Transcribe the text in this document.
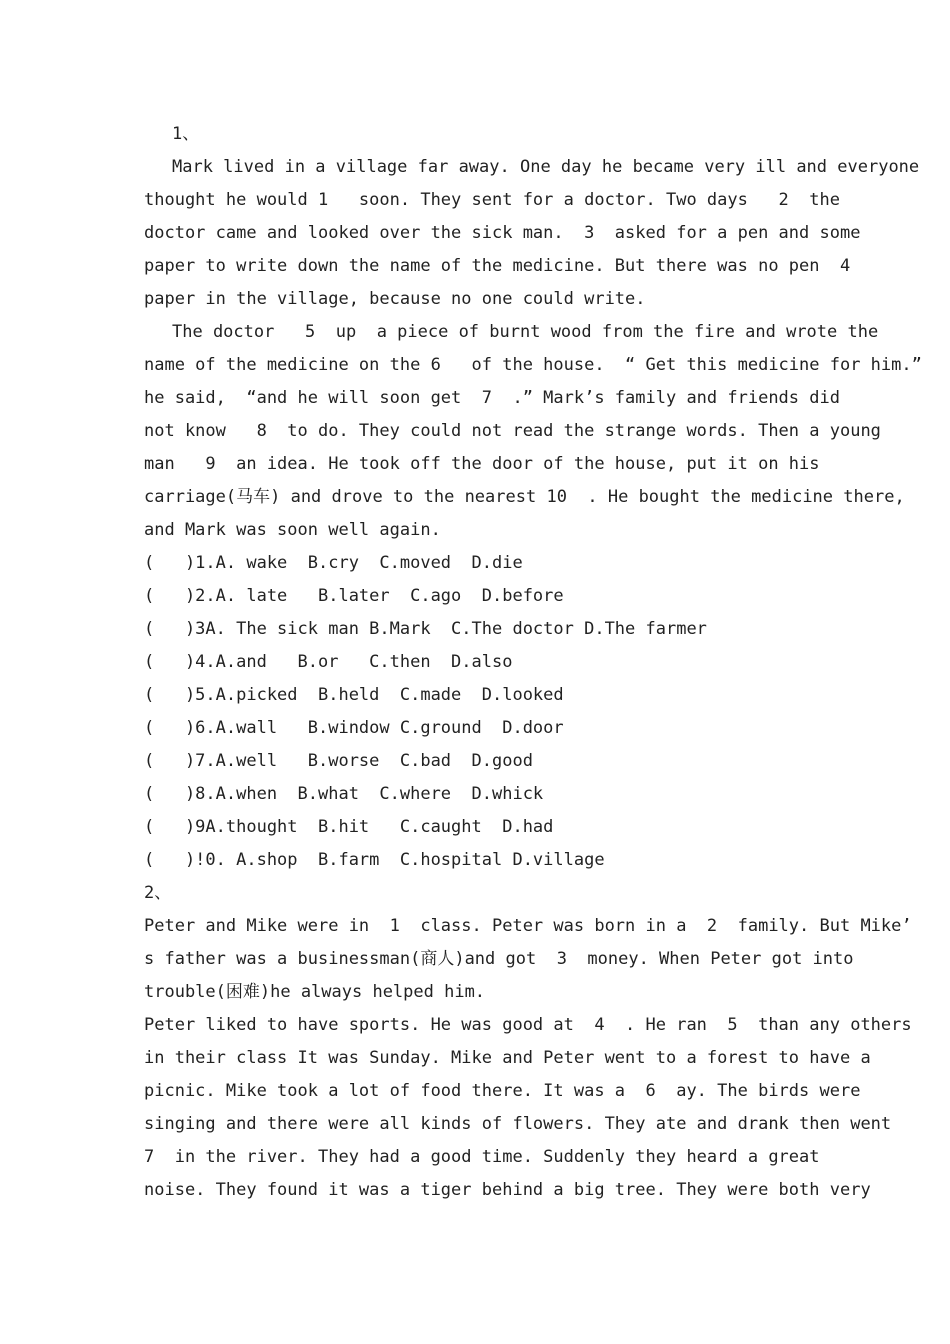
1、
Mark lived in a village far away. One day he became very ill and everyone
thought he would 1   soon. They sent for a doctor. Two days   2  the
doctor came and looked over the sick man.  3  asked for a pen and some
paper to write down the name of the medicine. But there was no pen  4
paper in the village, because no one could write.
The doctor   5  up  a piece of burnt wood from the fire and wrote the
name of the medicine on the 6   of the house.  “ Get this medicine for him.”
he said,  “and he will soon get  7  .” Mark’s family and friends did
not know   8  to do. They could not read the strange words. Then a young
man   9  an idea. He took off the door of the house, put it on his
carriage(马车) and drove to the nearest 10  . He bought the medicine there,
and Mark was soon well again.
(   )1.A. wake  B.cry  C.moved  D.die
(   )2.A. late   B.later  C.ago  D.before
(   )3A. The sick man B.Mark  C.The doctor D.The farmer
(   )4.A.and   B.or   C.then  D.also
(   )5.A.picked  B.held  C.made  D.looked
(   )6.A.wall   B.window C.ground  D.door
(   )7.A.well   B.worse  C.bad  D.good
(   )8.A.when  B.what  C.where  D.whick
(   )9A.thought  B.hit   C.caught  D.had
(   )!0. A.shop  B.farm  C.hospital D.village
2、
Peter and Mike were in  1  class. Peter was born in a  2  family. But Mike’
s father was a businessman(商人)and got  3  money. When Peter got into
trouble(困难)he always helped him.
Peter liked to have sports. He was good at  4  . He ran  5  than any others
in their class It was Sunday. Mike and Peter went to a forest to have a
picnic. Mike took a lot of food there. It was a  6  ay. The birds were
singing and there were all kinds of flowers. They ate and drank then went
7  in the river. They had a good time. Suddenly they heard a great
noise. They found it was a tiger behind a big tree. They were both very
